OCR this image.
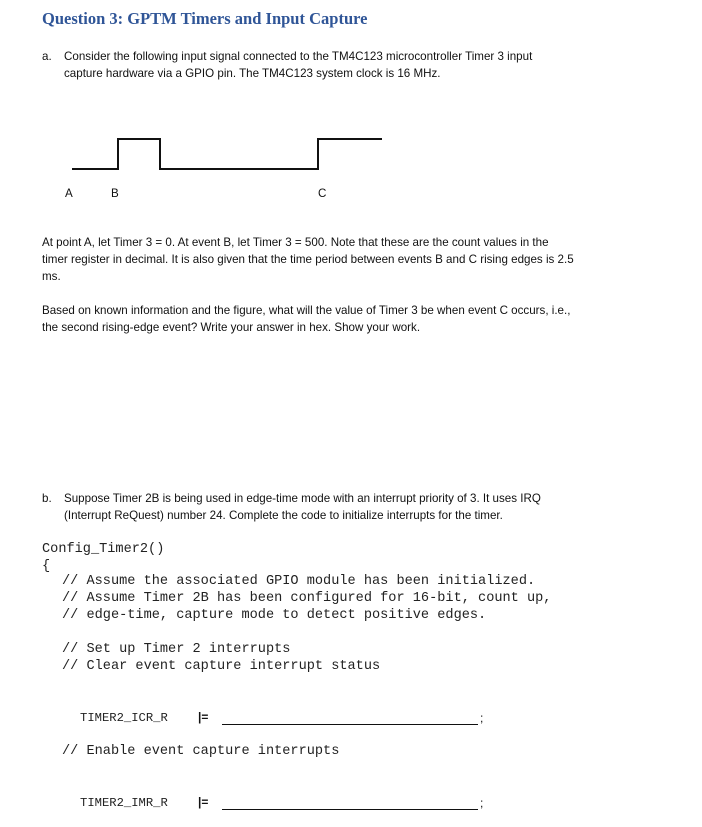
Question 3: GPTM Timers and Input Capture
a. Consider the following input signal connected to the TM4C123 microcontroller Timer 3 input
capture hardware via a GPIO pin. The TM4C123 system clock is 16 MHz.
A	B	C
At point A, let Timer 3 = 0. At event B, let Timer 3 = 500. Note that these are the count values in the
timer register in decimal. It is also given that the time period between events B and C rising edges is 2.5
ms.
Based on known information and the figure, what will the value of Timer 3 be when event C occurs, i.e.,
the second rising-edge event? Write your answer in hex. Show your work.
b. Suppose Timer 2B is being used in edge-time mode with an interrupt priority of 3. It uses IRQ
(Interrupt ReQuest) number 24. Complete the code to initialize interrupts for the timer.
Config_Timer2()
{
// Assume the associated GPIO module has been initialized.
// Assume Timer 2B has been configured for 16-bit, count up,
// edge-time, capture mode to detect positive edges.
// Set up Timer 2 interrupts
// Clear event capture interrupt status
TIMER2_ICR_R	|=	;
// Enable event capture interrupts
TIMER2_IMR_R	|=	;
